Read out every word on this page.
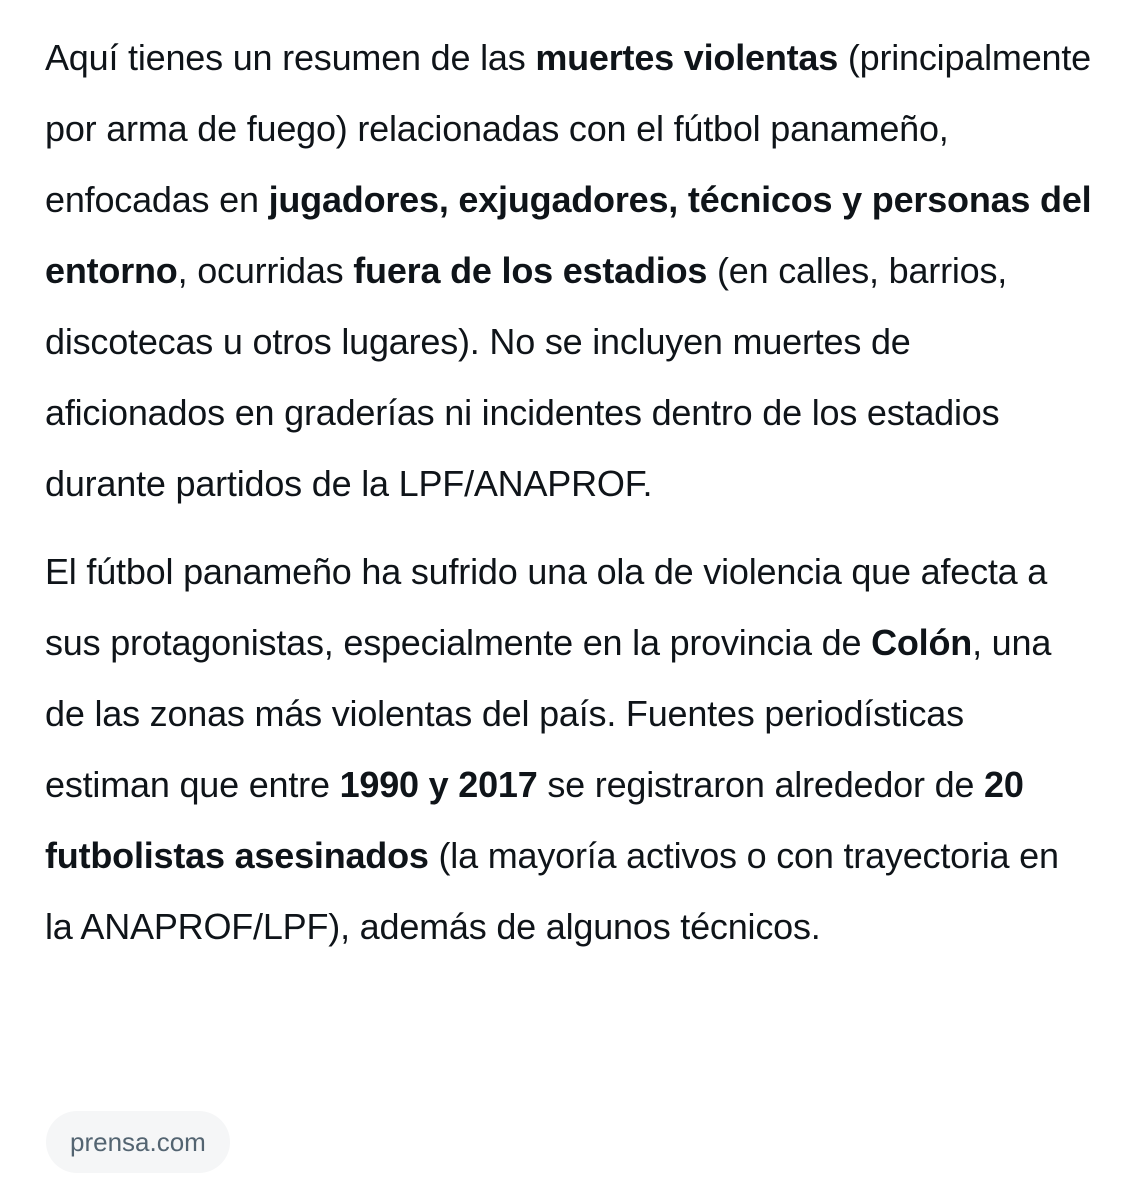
Aquí tienes un resumen de las muertes violentas (principalmente por arma de fuego) relacionadas con el fútbol panameño, enfocadas en jugadores, exjugadores, técnicos y personas del entorno, ocurridas fuera de los estadios (en calles, barrios, discotecas u otros lugares). No se incluyen muertes de aficionados en graderías ni incidentes dentro de los estadios durante partidos de la LPF/ANAPROF.

El fútbol panameño ha sufrido una ola de violencia que afecta a sus protagonistas, especialmente en la provincia de Colón, una de las zonas más violentas del país. Fuentes periodísticas estiman que entre 1990 y 2017 se registraron alrededor de 20 futbolistas asesinados (la mayoría activos o con trayectoria en la ANAPROF/LPF), además de algunos técnicos.

prensa.com
